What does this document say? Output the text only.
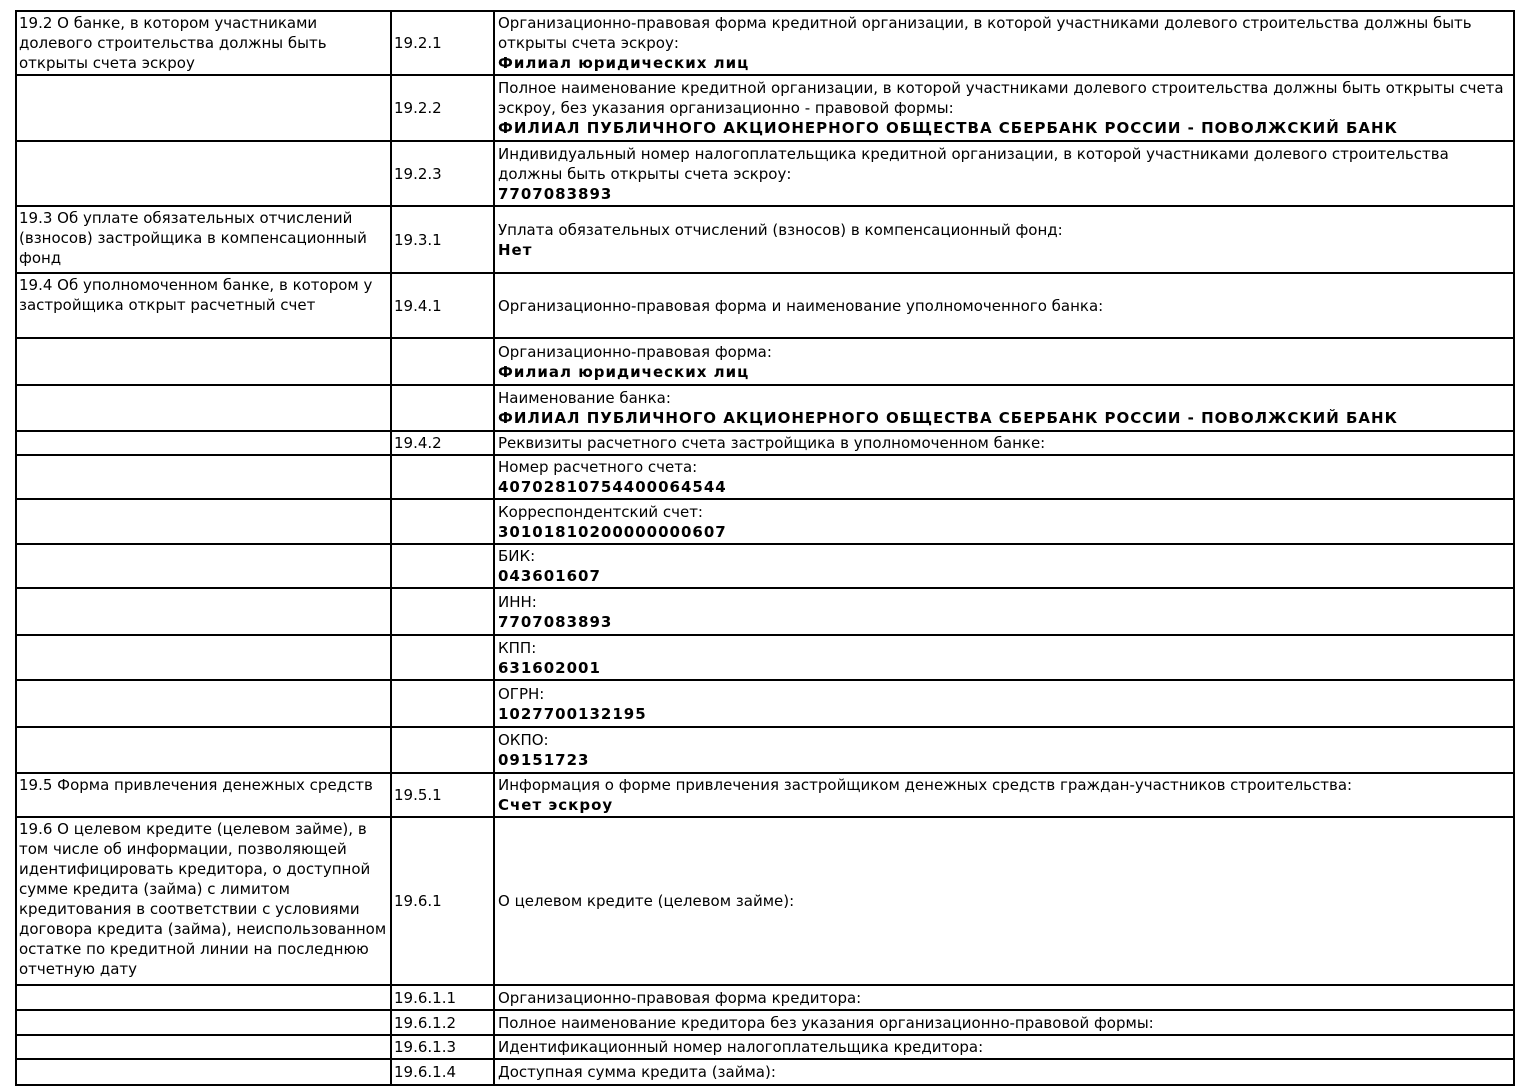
19.2 О банке, в котором участниками долевого строительства должны быть открыты счета эскроу	19.2.1	Организационно-правовая форма кредитной организации, в которой участниками долевого строительства должны быть открыты счета эскроу:
Филиал юридических лиц

	19.2.2	Полное наименование кредитной организации, в которой участниками долевого строительства должны быть открыты счета эскроу, без указания организационно - правовой формы:
ФИЛИАЛ ПУБЛИЧНОГО АКЦИОНЕРНОГО ОБЩЕСТВА СБЕРБАНК РОССИИ - ПОВОЛЖСКИЙ БАНК

	19.2.3	Индивидуальный номер налогоплательщика кредитной организации, в которой участниками долевого строительства должны быть открыты счета эскроу:
7707083893

19.3 Об уплате обязательных отчислений (взносов) застройщика в компенсационный фонд	19.3.1	Уплата обязательных отчислений (взносов) в компенсационный фонд:
Нет

19.4 Об уполномоченном банке, в котором у застройщика открыт расчетный счет	19.4.1	Организационно-правовая форма и наименование уполномоченного банка:

		Организационно-правовая форма:
Филиал юридических лиц

		Наименование банка:
ФИЛИАЛ ПУБЛИЧНОГО АКЦИОНЕРНОГО ОБЩЕСТВА СБЕРБАНК РОССИИ - ПОВОЛЖСКИЙ БАНК

	19.4.2	Реквизиты расчетного счета застройщика в уполномоченном банке:

		Номер расчетного счета:
40702810754400064544

		Корреспондентский счет:
30101810200000000607

		БИК:
043601607

		ИНН:
7707083893

		КПП:
631602001

		ОГРН:
1027700132195

		ОКПО:
09151723

19.5 Форма привлечения денежных средств	19.5.1	Информация о форме привлечения застройщиком денежных средств граждан-участников строительства:
Счет эскроу

19.6 О целевом кредите (целевом займе), в том числе об информации, позволяющей идентифицировать кредитора, о доступной сумме кредита (займа) с лимитом кредитования в соответствии с условиями договора кредита (займа), неиспользованном остатке по кредитной линии на последнюю отчетную дату	19.6.1	О целевом кредите (целевом займе):

	19.6.1.1	Организационно-правовая форма кредитора:

	19.6.1.2	Полное наименование кредитора без указания организационно-правовой формы:

	19.6.1.3	Идентификационный номер налогоплательщика кредитора:

	19.6.1.4	Доступная сумма кредита (займа):
